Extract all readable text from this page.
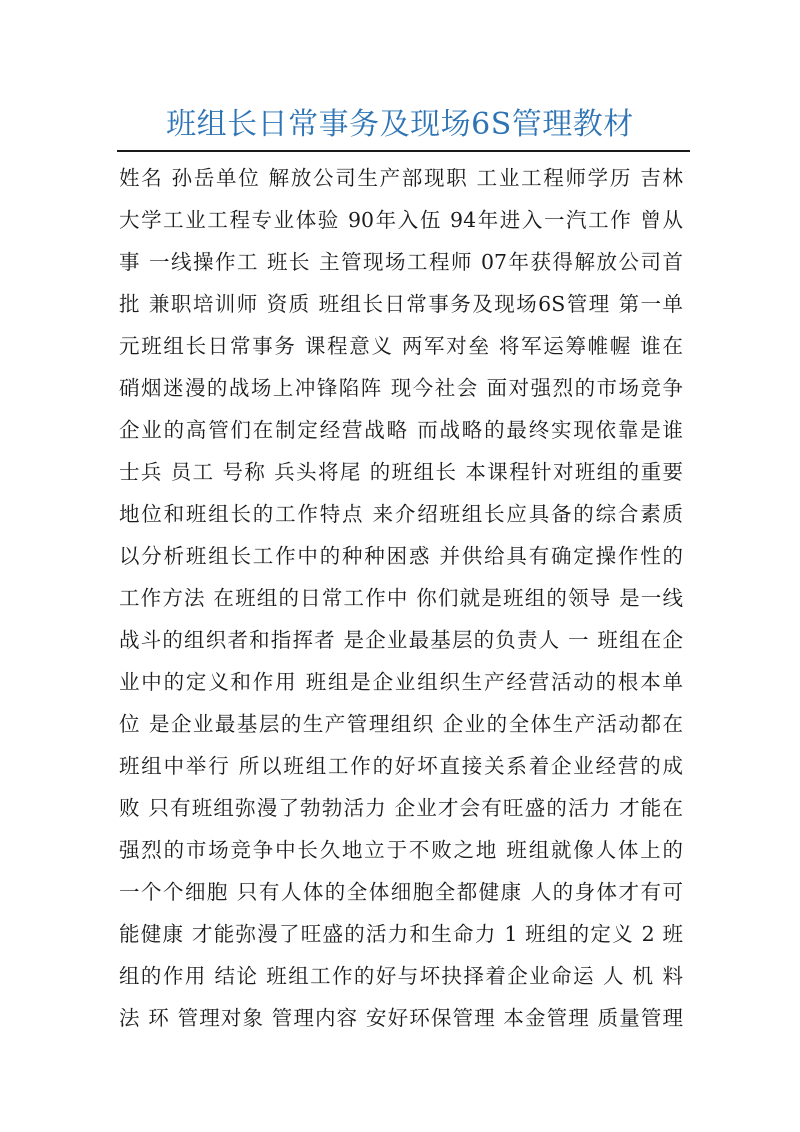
班组长日常事务及现场6S管理教材
姓名 孙岳单位 解放公司生产部现职 工业工程师学历 吉林
大学工业工程专业体验 90年入伍 94年进入一汽工作 曾从
事 一线操作工 班长 主管现场工程师 07年获得解放公司首
批 兼职培训师 资质 班组长日常事务及现场6S管理 第一单
元班组长日常事务 课程意义 两军对垒 将军运筹帷幄 谁在
硝烟迷漫的战场上冲锋陷阵 现今社会 面对强烈的市场竞争
企业的高管们在制定经营战略 而战略的最终实现依靠是谁
士兵 员工 号称 兵头将尾 的班组长 本课程针对班组的重要
地位和班组长的工作特点 来介绍班组长应具备的综合素质
以分析班组长工作中的种种困惑 并供给具有确定操作性的
工作方法 在班组的日常工作中 你们就是班组的领导 是一线
战斗的组织者和指挥者 是企业最基层的负责人 一 班组在企
业中的定义和作用 班组是企业组织生产经营活动的根本单
位 是企业最基层的生产管理组织 企业的全体生产活动都在
班组中举行 所以班组工作的好坏直接关系着企业经营的成
败 只有班组弥漫了勃勃活力 企业才会有旺盛的活力 才能在
强烈的市场竞争中长久地立于不败之地 班组就像人体上的
一个个细胞 只有人体的全体细胞全都健康 人的身体才有可
能健康 才能弥漫了旺盛的活力和生命力 1 班组的定义 2 班
组的作用 结论 班组工作的好与坏抉择着企业命运 人 机 料
法 环 管理对象 管理内容 安好环保管理 本金管理 质量管理
